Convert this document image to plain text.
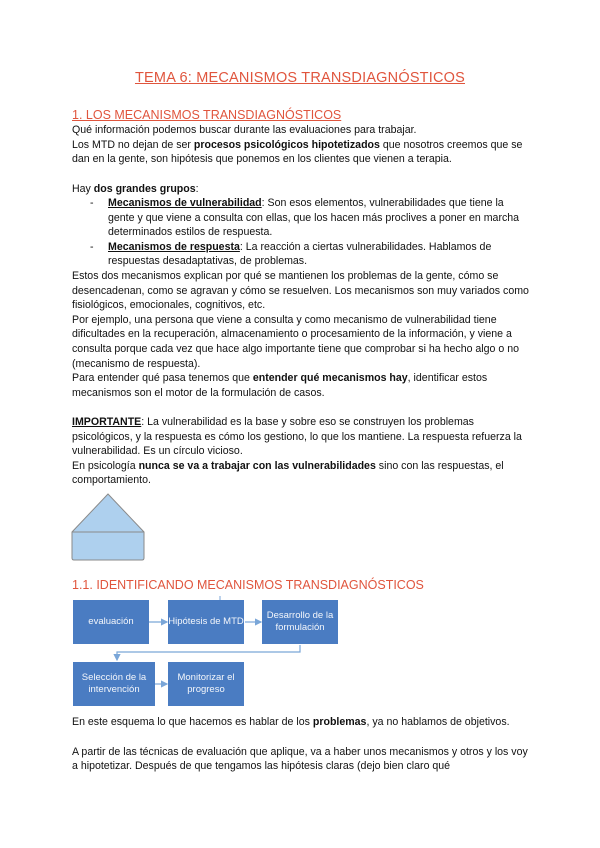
TEMA 6: MECANISMOS TRANSDIAGNÓSTICOS
1. LOS MECANISMOS TRANSDIAGNÓSTICOS
Qué información podemos buscar durante las evaluaciones para trabajar.
Los MTD no dejan de ser procesos psicológicos hipotetizados que nosotros creemos que se dan en la gente, son hipótesis que ponemos en los clientes que vienen a terapia.
Hay dos grandes grupos:
- Mecanismos de vulnerabilidad: Son esos elementos, vulnerabilidades que tiene la gente y que viene a consulta con ellas, que los hacen más proclives a poner en marcha determinados estilos de respuesta.
- Mecanismos de respuesta: La reacción a ciertas vulnerabilidades. Hablamos de respuestas desadaptativas, de problemas.
Estos dos mecanismos explican por qué se mantienen los problemas de la gente, cómo se desencadenan, como se agravan y cómo se resuelven. Los mecanismos son muy variados como fisiológicos, emocionales, cognitivos, etc.
Por ejemplo, una persona que viene a consulta y como mecanismo de vulnerabilidad tiene dificultades en la recuperación, almacenamiento o procesamiento de la información, y viene a consulta porque cada vez que hace algo importante tiene que comprobar si ha hecho algo o no (mecanismo de respuesta).
Para entender qué pasa tenemos que entender qué mecanismos hay, identificar estos mecanismos son el motor de la formulación de casos.
IMPORTANTE: La vulnerabilidad es la base y sobre eso se construyen los problemas psicológicos, y la respuesta es cómo los gestiono, lo que los mantiene. La respuesta refuerza la vulnerabilidad. Es un círculo vicioso.
En psicología nunca se va a trabajar con las vulnerabilidades sino con las respuestas, el comportamiento.
1.1. IDENTIFICANDO MECANISMOS TRANSDIAGNÓSTICOS
evaluación	Hipótesis de MTD
Desarrollo de la formulación
Selección de la intervención
Monitorizar el progreso
En este esquema lo que hacemos es hablar de los problemas, ya no hablamos de objetivos.
A partir de las técnicas de evaluación que aplique, va a haber unos mecanismos y otros y los voy a hipotetizar. Después de que tengamos las hipótesis claras (dejo bien claro qué
